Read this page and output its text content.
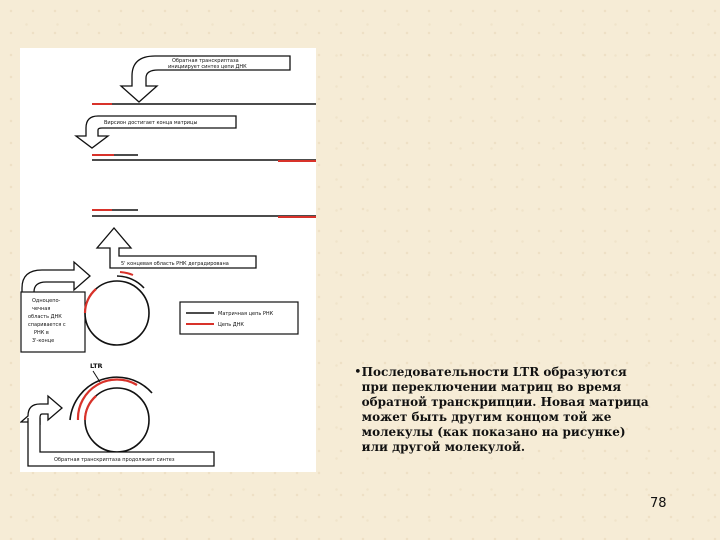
Обратная транскриптаза
инициирует синтез цепи ДНК
Вирсион достигает конца матрицы
5' концевая область РНК деградирована
Одноцепо-
чечная
область ДНК
спаривается с
РНК в
3'-конце
Матричная цепь РНК
Цепь ДНК
LTR
Обратная транскриптаза продолжает синтез
• Последовательности LTR образуются при переключении матриц во время обратной транскрипции. Новая матрица может быть другим концом той же молекулы (как показано на рисунке) или другой молекулой.

78
